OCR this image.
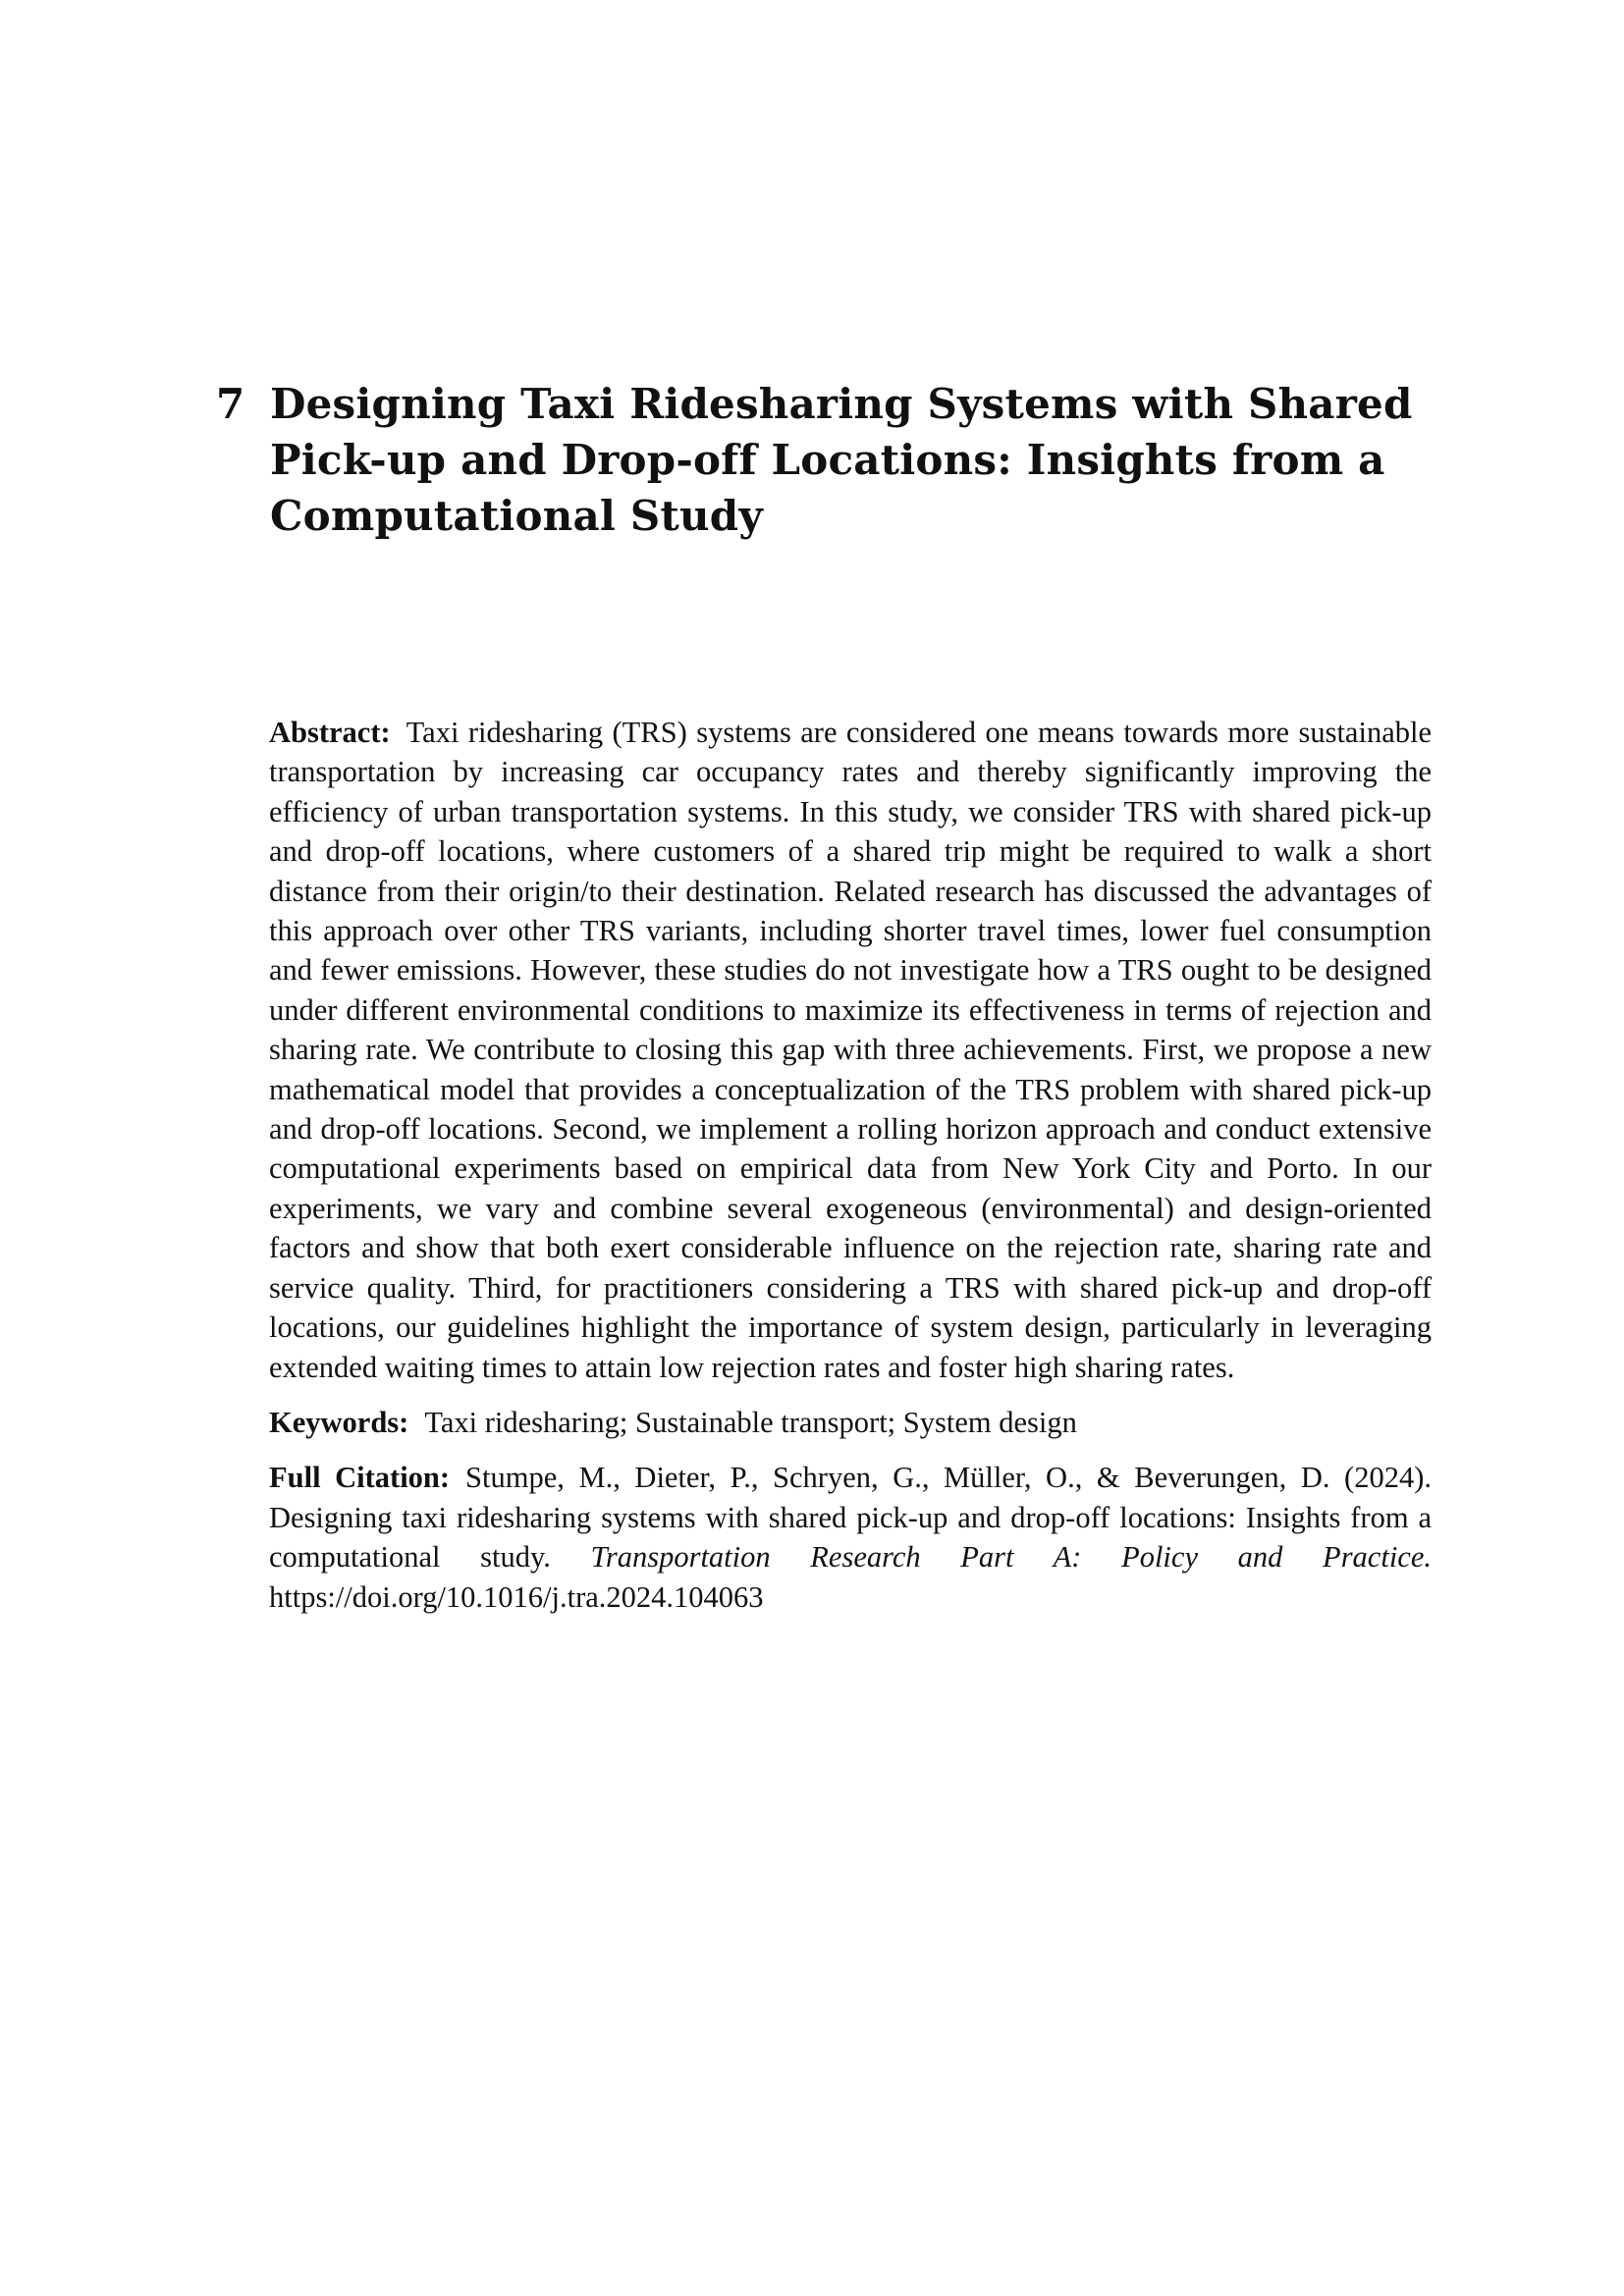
7 Designing Taxi Ridesharing Systems with Shared Pick-up and Drop-off Locations: Insights from a Computational Study

Abstract: Taxi ridesharing (TRS) systems are considered one means towards more sustainable transportation by increasing car occupancy rates and thereby significantly improving the efficiency of urban transportation systems. In this study, we consider TRS with shared pick-up and drop-off locations, where customers of a shared trip might be required to walk a short distance from their origin/to their destination. Related research has discussed the advantages of this approach over other TRS variants, including shorter travel times, lower fuel consumption and fewer emissions. However, these studies do not investigate how a TRS ought to be designed under different environmental conditions to maximize its effectiveness in terms of rejection and sharing rate. We contribute to closing this gap with three achievements. First, we propose a new mathematical model that provides a conceptualization of the TRS problem with shared pick-up and drop-off locations. Second, we implement a rolling horizon approach and conduct extensive computational experiments based on empirical data from New York City and Porto. In our experiments, we vary and combine several exogeneous (environmental) and design-oriented factors and show that both exert considerable influence on the rejection rate, sharing rate and service quality. Third, for practitioners considering a TRS with shared pick-up and drop-off locations, our guidelines highlight the importance of system design, particularly in leveraging extended waiting times to attain low rejection rates and foster high sharing rates.

Keywords: Taxi ridesharing; Sustainable transport; System design

Full Citation: Stumpe, M., Dieter, P., Schryen, G., Müller, O., & Beverungen, D. (2024). Designing taxi ridesharing systems with shared pick-up and drop-off locations: Insights from a computational study. Transportation Research Part A: Policy and Practice. https://doi.org/10.1016/j.tra.2024.104063
